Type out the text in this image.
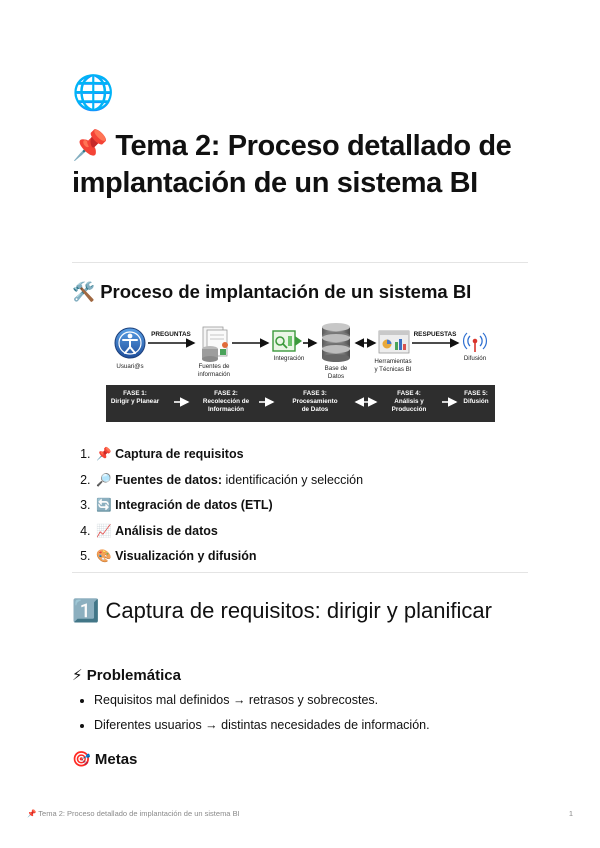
🌐
📌 Tema 2: Proceso detallado de implantación de un sistema BI
🛠️ Proceso de implantación de un sistema BI
Usuari@s
PREGUNTAS
Fuentes de
información
Integración
Base de
Datos
Herramientas
y Técnicas BI
RESPUESTAS
Difusión
FASE 1:
Dirigir y Planear
FASE 2:
Recolección de
Información
FASE 3:
Procesamiento
de Datos
FASE 4:
Análisis y
Producción
FASE 5:
Difusión
1. 📌 Captura de requisitos
2. 🔎 Fuentes de datos: identificación y selección
3. 🔄 Integración de datos (ETL)
4. 📈 Análisis de datos
5. 🎨 Visualización y difusión
1️⃣ Captura de requisitos: dirigir y planificar
⚡ Problemática
• Requisitos mal definidos → retrasos y sobrecostes.
• Diferentes usuarios → distintas necesidades de información.
🎯 Metas
📌 Tema 2: Proceso detallado de implantación de un sistema BI	1
